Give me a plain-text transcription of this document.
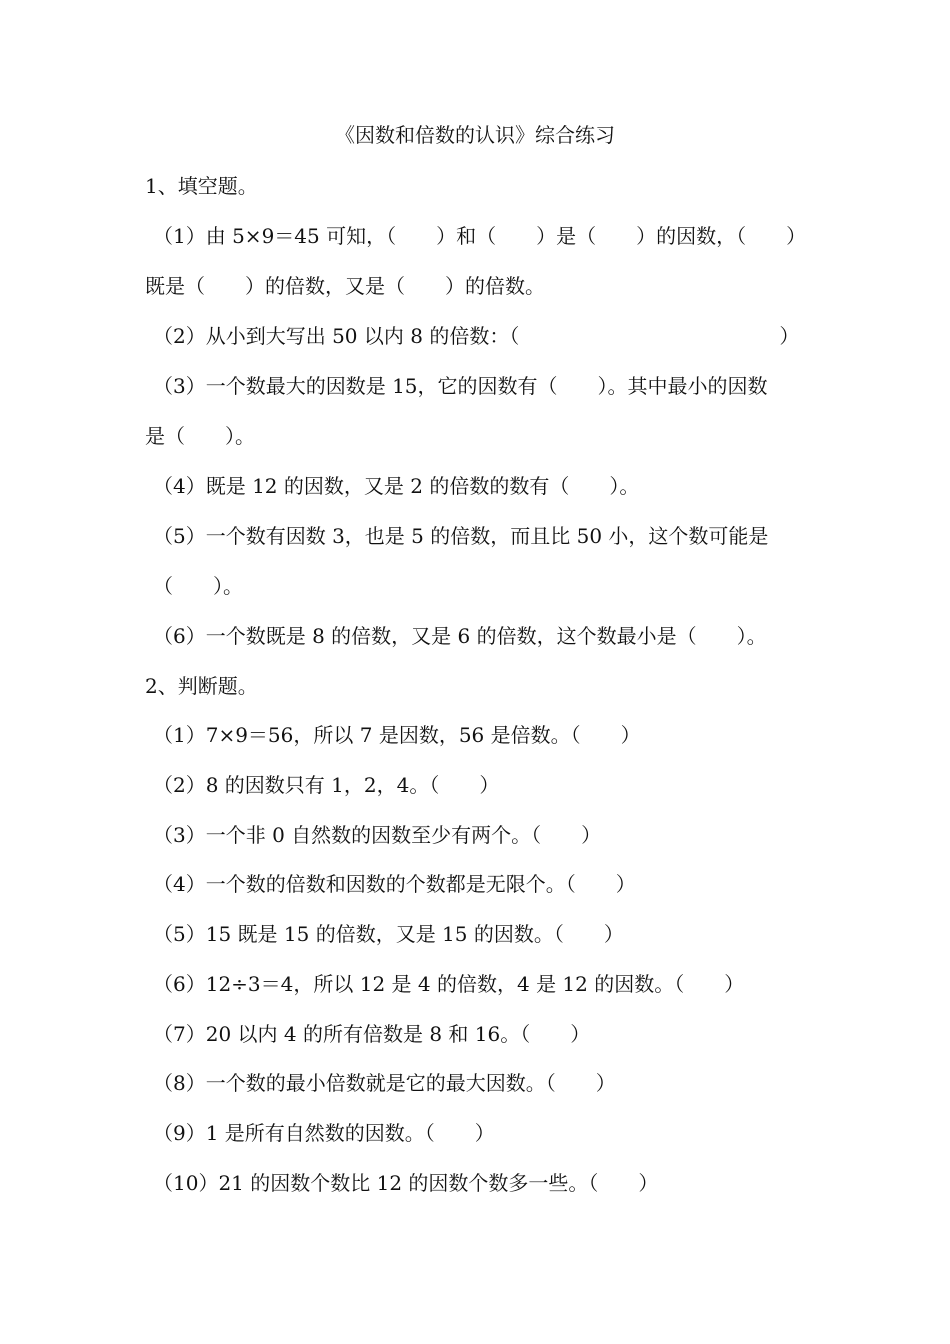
《因数和倍数的认识》综合练习
1、填空题。
（1）由 5×9＝45 可知，（　　）和（　　）是（　　）的因数，（　　）
既是（　　）的倍数，又是（　　）的倍数。
（2）从小到大写出 50 以内 8 的倍数：（　　　　　　　　　　　　　）
（3）一个数最大的因数是 15，它的因数有（　　）。其中最小的因数
是（　　）。
（4）既是 12 的因数，又是 2 的倍数的数有（　　）。
（5）一个数有因数 3，也是 5 的倍数，而且比 50 小，这个数可能是
（　　）。
（6）一个数既是 8 的倍数，又是 6 的倍数，这个数最小是（　　）。
2、判断题。
（1）7×9＝56，所以 7 是因数，56 是倍数。（　　）
（2）8 的因数只有 1，2，4。（　　）
（3）一个非 0 自然数的因数至少有两个。（　　）
（4）一个数的倍数和因数的个数都是无限个。（　　）
（5）15 既是 15 的倍数，又是 15 的因数。（　　）
（6）12÷3＝4，所以 12 是 4 的倍数，4 是 12 的因数。（　　）
（7）20 以内 4 的所有倍数是 8 和 16。（　　）
（8）一个数的最小倍数就是它的最大因数。（　　）
（9）1 是所有自然数的因数。（　　）
（10）21 的因数个数比 12 的因数个数多一些。（　　）
